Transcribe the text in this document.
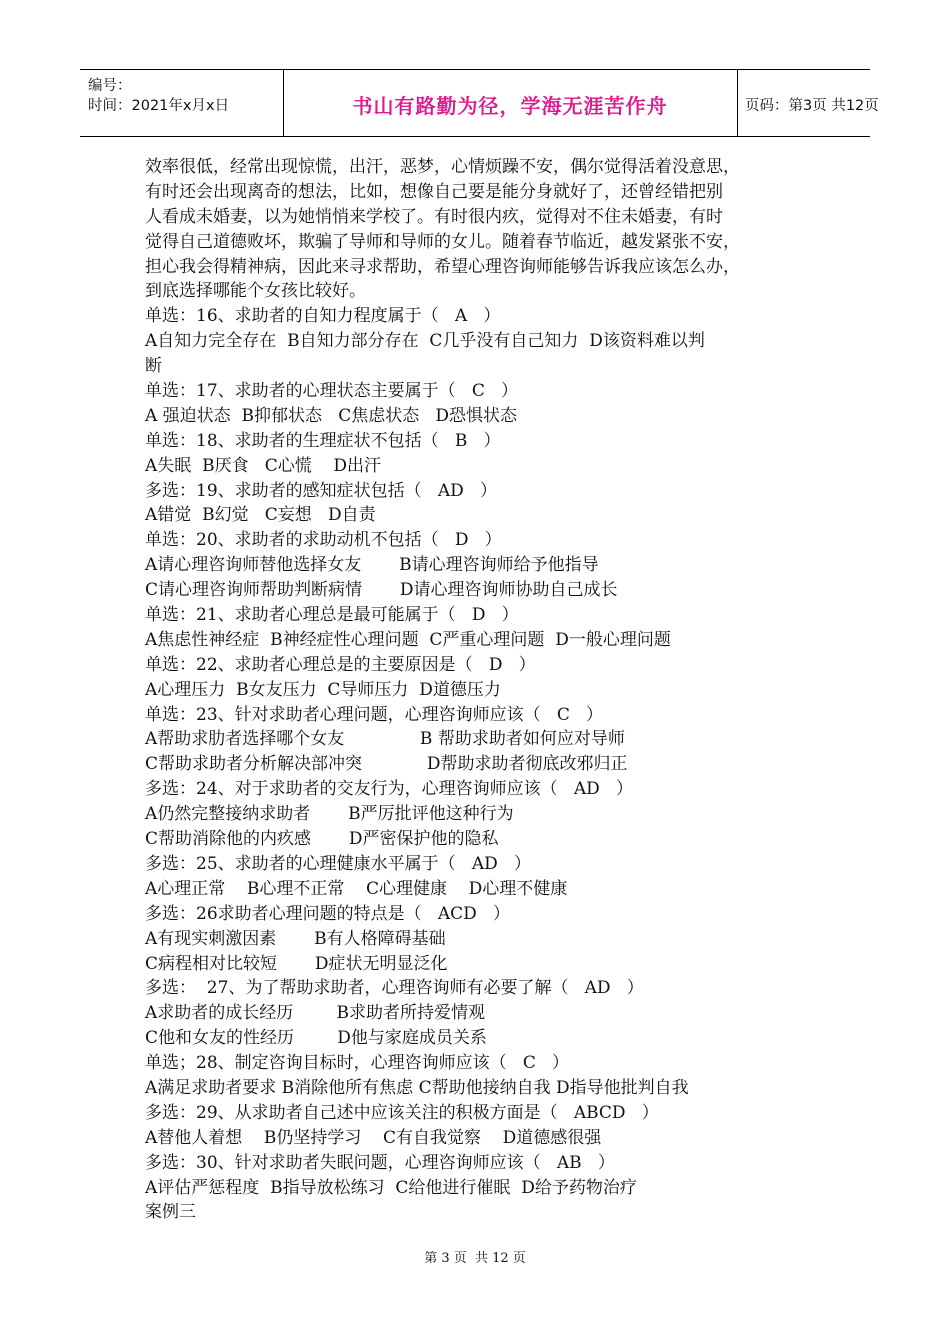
编号：
时间：2021年x月x日	书山有路勤为径，学海无涯苦作舟	页码：第3页 共12页
效率很低，经常出现惊慌，出汗，恶梦，心情烦躁不安，偶尔觉得活着没意思，
有时还会出现离奇的想法，比如，想像自己要是能分身就好了，还曾经错把别
人看成未婚妻，以为她悄悄来学校了。有时很内疚，觉得对不住未婚妻，有时
觉得自己道德败坏，欺骗了导师和导师的女儿。随着春节临近，越发紧张不安，
担心我会得精神病，因此来寻求帮助，希望心理咨询师能够告诉我应该怎么办，
到底选择哪能个女孩比较好。
单选：16、求助者的自知力程度属于（   A   ）
A自知力完全存在  B自知力部分存在  C几乎没有自己知力  D该资料难以判
断
单选：17、求助者的心理状态主要属于（   C   ）
A 强迫状态  B抑郁状态   C焦虑状态   D恐惧状态
单选：18、求助者的生理症状不包括（   B   ）
A失眠  B厌食   C心慌    D出汗
多选：19、求助者的感知症状包括（   AD   ）
A错觉  B幻觉   C妄想   D自责
单选：20、求助者的求助动机不包括（   D   ）
A请心理咨询师替他选择女友       B请心理咨询师给予他指导
C请心理咨询师帮助判断病情       D请心理咨询师协助自己成长
单选：21、求助者心理总是最可能属于（   D   ）
A焦虑性神经症  B神经症性心理问题  C严重心理问题  D一般心理问题
单选：22、求助者心理总是的主要原因是（   D   ）
A心理压力  B女友压力  C导师压力  D道德压力
单选：23、针对求助者心理问题，心理咨询师应该（   C   ）
A帮助求肋者选择哪个女友              B 帮助求助者如何应对导师
C帮助求助者分析解决部冲突            D帮助求助者彻底改邪归正
多选：24、对于求助者的交友行为，心理咨询师应该（   AD   ）
A仍然完整接纳求助者       B严厉批评他这种行为
C帮助消除他的内疚感       D严密保护他的隐私
多选：25、求助者的心理健康水平属于（   AD   ）
A心理正常    B心理不正常    C心理健康    D心理不健康
多选：26求助者心理问题的特点是（   ACD   ）
A有现实刺激因素       B有人格障碍基础
C病程相对比较短       D症状无明显泛化
多选：  27、为了帮助求助者，心理咨询师有必要了解（   AD   ）
A求助者的成长经历        B求助者所持爱情观
C他和女友的性经历        D他与家庭成员关系
单选；28、制定咨询目标时，心理咨询师应该（   C   ）
A满足求助者要求 B消除他所有焦虑 C帮助他接纳自我 D指导他批判自我
多选：29、从求助者自己述中应该关注的积极方面是（   ABCD   ）
A替他人着想    B仍坚持学习    C有自我觉察    D道德感很强
多选：30、针对求助者失眠问题，心理咨询师应该（   AB   ）
A评估严惩程度  B指导放松练习  C给他进行催眠  D给予药物治疗
案例三
第 3 页  共 12 页
